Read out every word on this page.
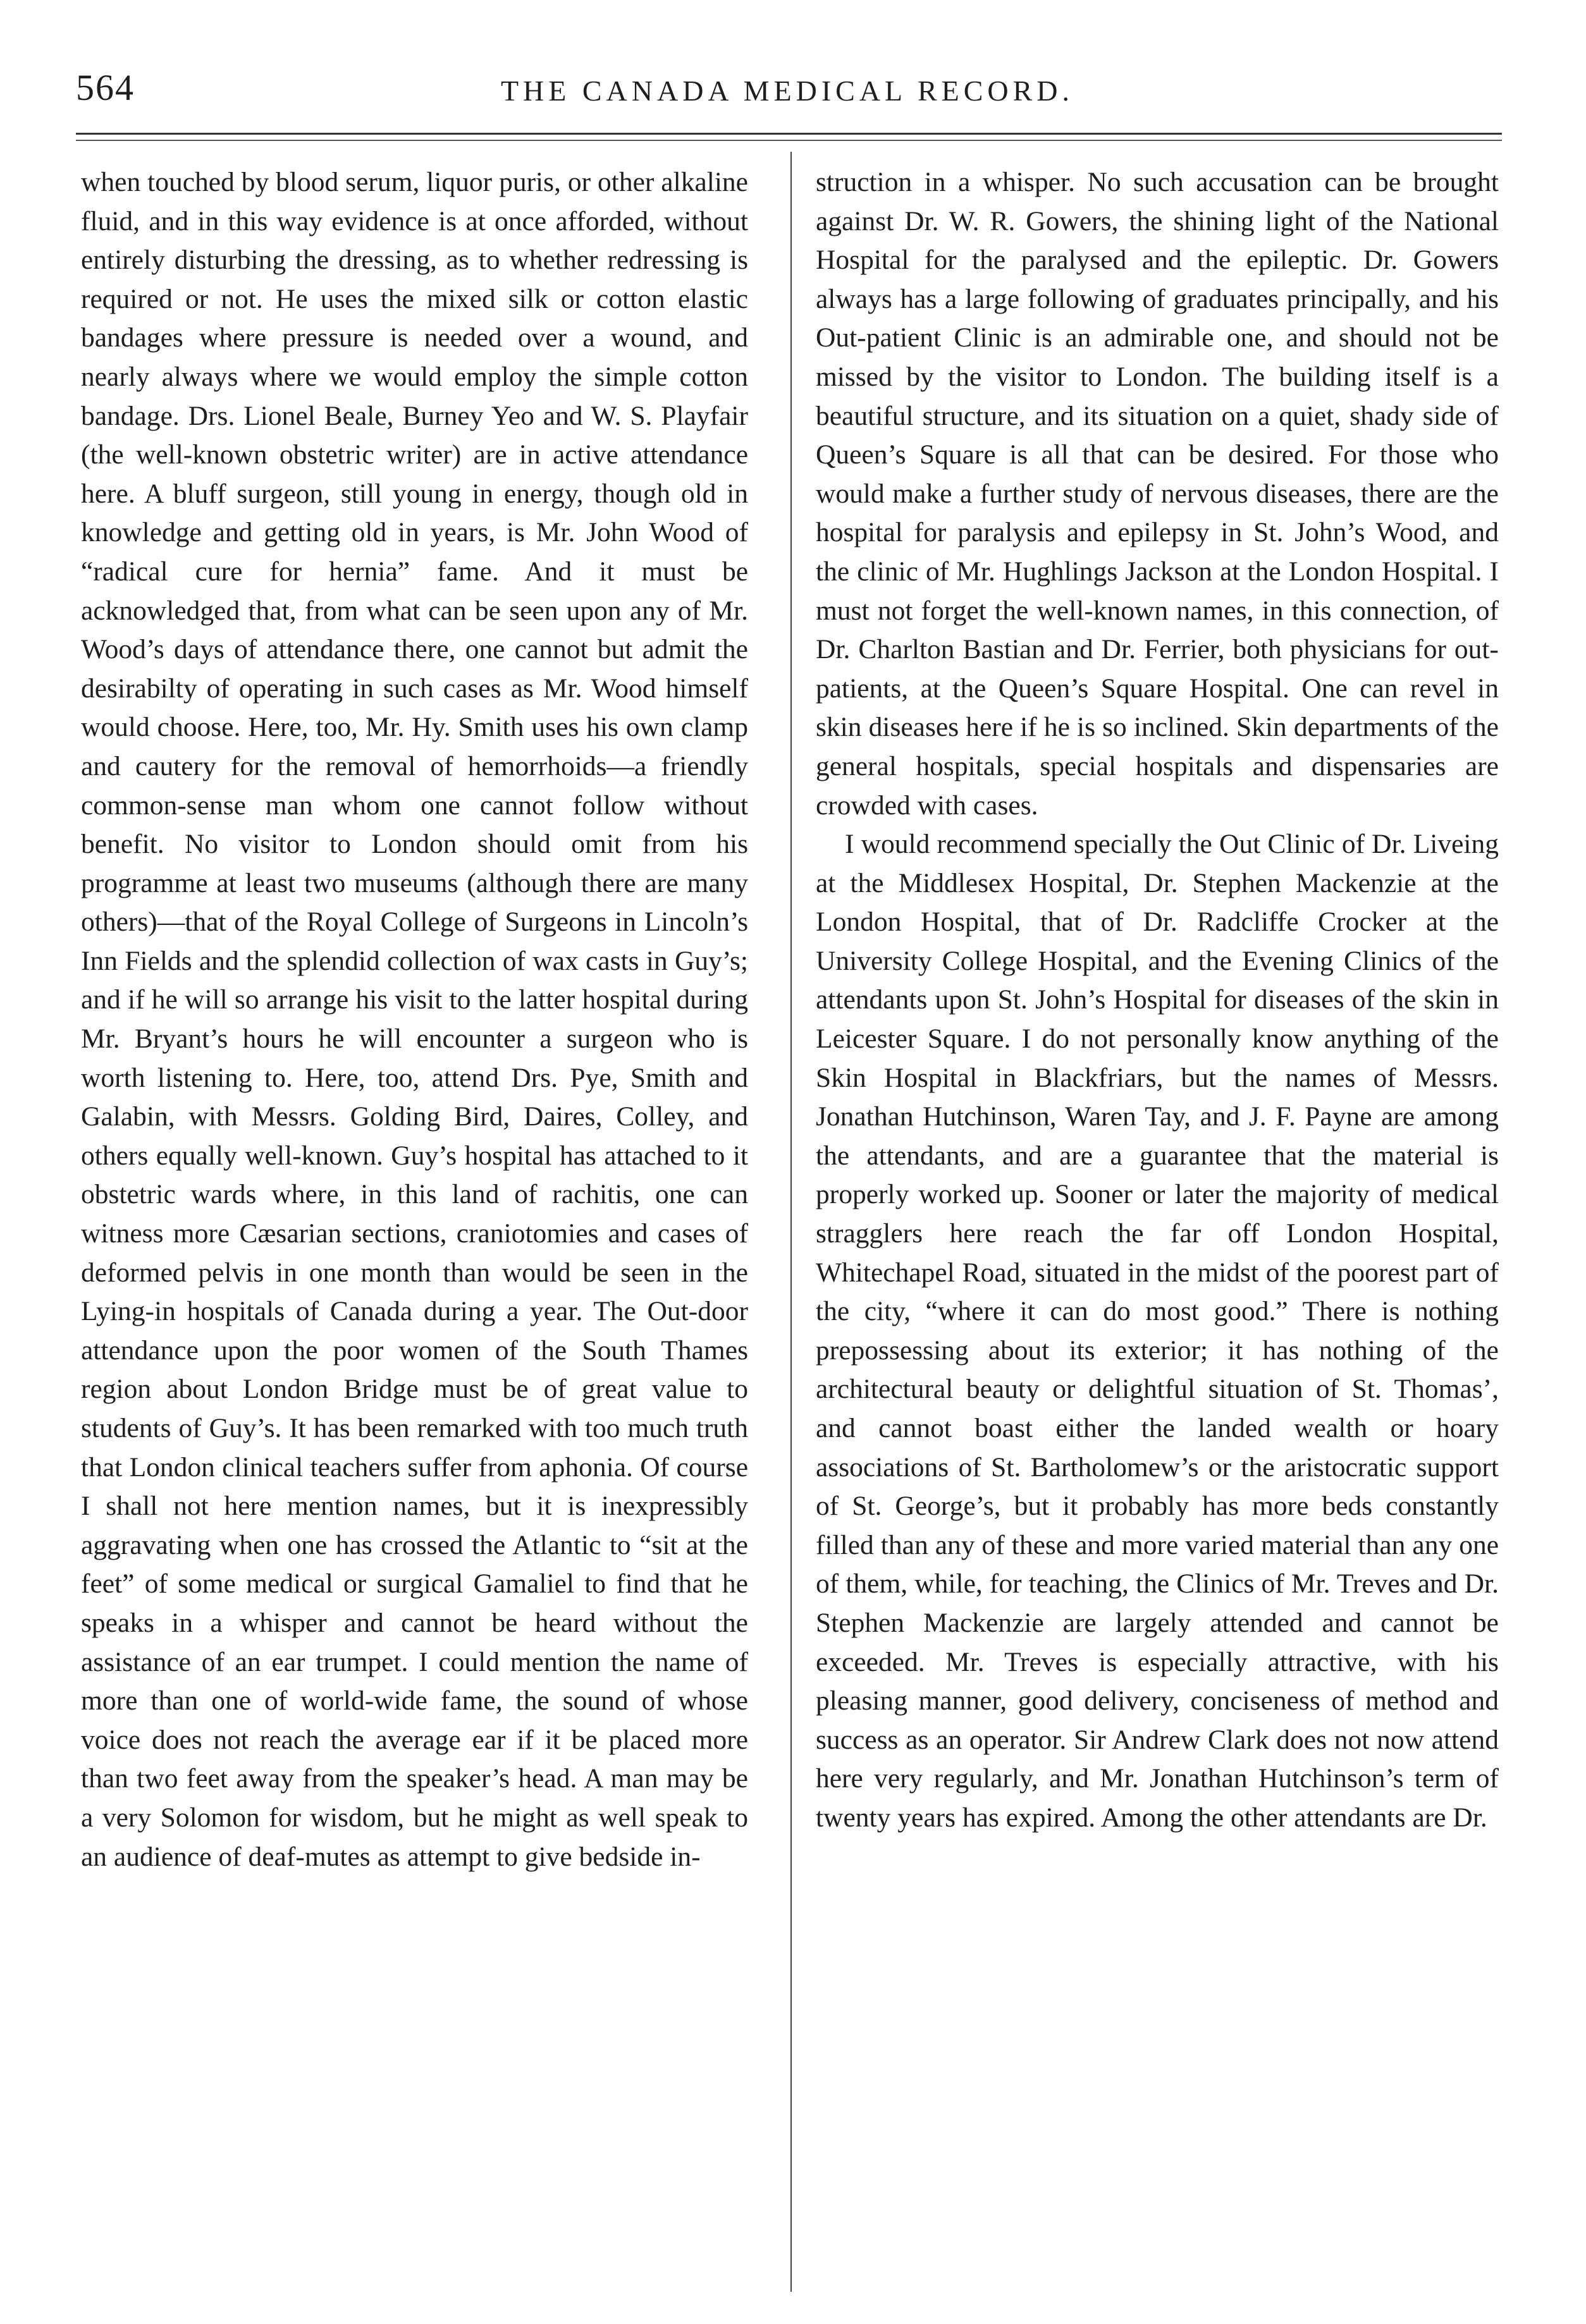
564	THE CANADA MEDICAL RECORD.

when touched by blood serum, liquor puris, or other alkaline fluid, and in this way evidence is at once afforded, without entirely disturbing the dressing, as to whether redressing is required or not. He uses the mixed silk or cotton elastic bandages where pressure is needed over a wound, and nearly always where we would employ the simple cotton bandage. Drs. Lionel Beale, Burney Yeo and W. S. Playfair (the well-known obstetric writer) are in active attendance here. A bluff surgeon, still young in energy, though old in knowledge and getting old in years, is Mr. John Wood of “radical cure for hernia” fame. And it must be acknowledged that, from what can be seen upon any of Mr. Wood’s days of attendance there, one cannot but admit the desirabilty of operating in such cases as Mr. Wood himself would choose. Here, too, Mr. Hy. Smith uses his own clamp and cautery for the removal of hemorrhoids—a friendly common-sense man whom one cannot follow without benefit. No visitor to London should omit from his programme at least two museums (although there are many others)—that of the Royal College of Surgeons in Lincoln’s Inn Fields and the splendid collection of wax casts in Guy’s; and if he will so arrange his visit to the latter hospital during Mr. Bryant’s hours he will encounter a surgeon who is worth listening to. Here, too, attend Drs. Pye, Smith and Galabin, with Messrs. Golding Bird, Daires, Colley, and others equally well-known. Guy’s hospital has attached to it obstetric wards where, in this land of rachitis, one can witness more Cæsarian sections, craniotomies and cases of deformed pelvis in one month than would be seen in the Lying-in hospitals of Canada during a year. The Out-door attendance upon the poor women of the South Thames region about London Bridge must be of great value to students of Guy’s. It has been remarked with too much truth that London clinical teachers suffer from aphonia. Of course I shall not here mention names, but it is inexpressibly aggravating when one has crossed the Atlantic to “sit at the feet” of some medical or surgical Gamaliel to find that he speaks in a whisper and cannot be heard without the assistance of an ear trumpet. I could mention the name of more than one of world-wide fame, the sound of whose voice does not reach the average ear if it be placed more than two feet away from the speaker’s head. A man may be a very Solomon for wisdom, but he might as well speak to an audience of deaf-mutes as attempt to give bedside in-

struction in a whisper. No such accusation can be brought against Dr. W. R. Gowers, the shining light of the National Hospital for the paralysed and the epileptic. Dr. Gowers always has a large following of graduates principally, and his Out-patient Clinic is an admirable one, and should not be missed by the visitor to London. The building itself is a beautiful structure, and its situation on a quiet, shady side of Queen’s Square is all that can be desired. For those who would make a further study of nervous diseases, there are the hospital for paralysis and epilepsy in St. John’s Wood, and the clinic of Mr. Hughlings Jackson at the London Hospital. I must not forget the well-known names, in this connection, of Dr. Charlton Bastian and Dr. Ferrier, both physicians for out-patients, at the Queen’s Square Hospital. One can revel in skin diseases here if he is so inclined. Skin departments of the general hospitals, special hospitals and dispensaries are crowded with cases.

I would recommend specially the Out Clinic of Dr. Liveing at the Middlesex Hospital, Dr. Stephen Mackenzie at the London Hospital, that of Dr. Radcliffe Crocker at the University College Hospital, and the Evening Clinics of the attendants upon St. John’s Hospital for diseases of the skin in Leicester Square. I do not personally know anything of the Skin Hospital in Blackfriars, but the names of Messrs. Jonathan Hutchinson, Waren Tay, and J. F. Payne are among the attendants, and are a guarantee that the material is properly worked up. Sooner or later the majority of medical stragglers here reach the far off London Hospital, Whitechapel Road, situated in the midst of the poorest part of the city, “where it can do most good.” There is nothing prepossessing about its exterior; it has nothing of the architectural beauty or delightful situation of St. Thomas’, and cannot boast either the landed wealth or hoary associations of St. Bartholomew’s or the aristocratic support of St. George’s, but it probably has more beds constantly filled than any of these and more varied material than any one of them, while, for teaching, the Clinics of Mr. Treves and Dr. Stephen Mackenzie are largely attended and cannot be exceeded. Mr. Treves is especially attractive, with his pleasing manner, good delivery, conciseness of method and success as an operator. Sir Andrew Clark does not now attend here very regularly, and Mr. Jonathan Hutchinson’s term of twenty years has expired. Among the other attendants are Dr.
